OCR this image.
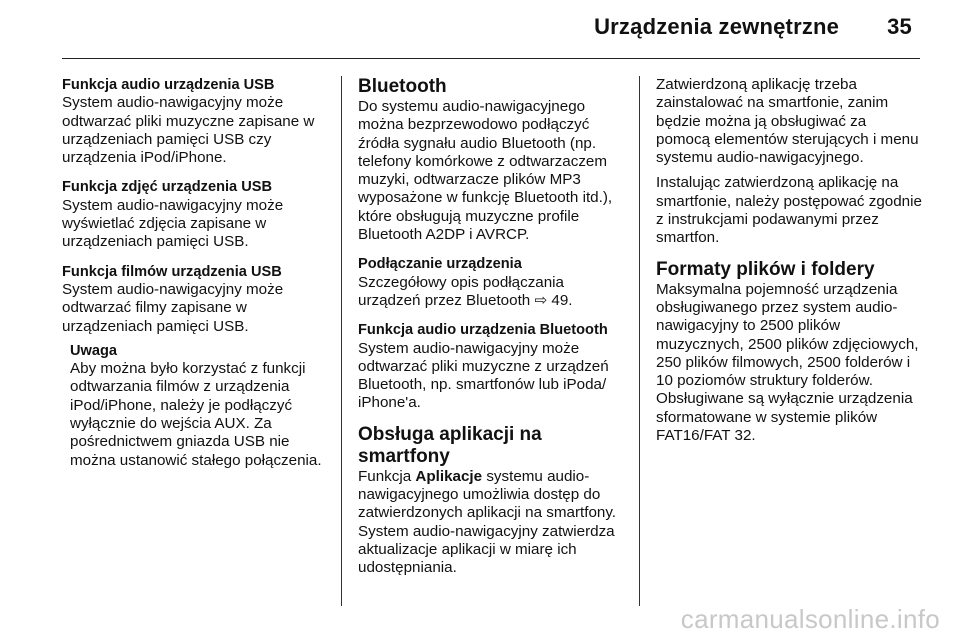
Urządzenia zewnętrzne 35
Funkcja audio urządzenia USB

System audio-nawigacyjny może odtwarzać pliki muzyczne zapisane w urządzeniach pamięci USB czy urządzenia iPod/iPhone.

Funkcja zdjęć urządzenia USB

System audio-nawigacyjny może wyświetlać zdjęcia zapisane w urządzeniach pamięci USB.

Funkcja filmów urządzenia USB

System audio-nawigacyjny może odtwarzać filmy zapisane w urządzeniach pamięci USB.

Uwaga

Aby można było korzystać z funkcji odtwarzania filmów z urządzenia iPod/iPhone, należy je podłączyć wyłącznie do wejścia AUX. Za pośrednictwem gniazda USB nie można ustanowić stałego połączenia.

Bluetooth

Do systemu audio-nawigacyjnego można bezprzewodowo podłączyć źródła sygnału audio Bluetooth (np. telefony komórkowe z odtwarzaczem muzyki, odtwarzacze plików MP3 wyposażone w funkcję Bluetooth itd.), które obsługują muzyczne profile Bluetooth A2DP i AVRCP.

Podłączanie urządzenia

Szczegółowy opis podłączania urządzeń przez Bluetooth ⇨ 49.

Funkcja audio urządzenia Bluetooth

System audio-nawigacyjny może odtwarzać pliki muzyczne z urządzeń Bluetooth, np. smartfonów lub iPoda/ iPhone'a.

Obsługa aplikacji na smartfony

Funkcja Aplikacje systemu audio-nawigacyjnego umożliwia dostęp do zatwierdzonych aplikacji na smartfony. System audio-nawigacyjny zatwierdza aktualizacje aplikacji w miarę ich udostępniania.

Zatwierdzoną aplikację trzeba zainstalować na smartfonie, zanim będzie można ją obsługiwać za pomocą elementów sterujących i menu systemu audio-nawigacyjnego.

Instalując zatwierdzoną aplikację na smartfonie, należy postępować zgodnie z instrukcjami podawanymi przez smartfon.

Formaty plików i foldery

Maksymalna pojemność urządzenia obsługiwanego przez system audio-nawigacyjny to 2500 plików muzycznych, 2500 plików zdjęciowych, 250 plików filmowych, 2500 folderów i 10 poziomów struktury folderów. Obsługiwane są wyłącznie urządzenia sformatowane w systemie plików FAT16/FAT 32.

carmanualsonline.info
